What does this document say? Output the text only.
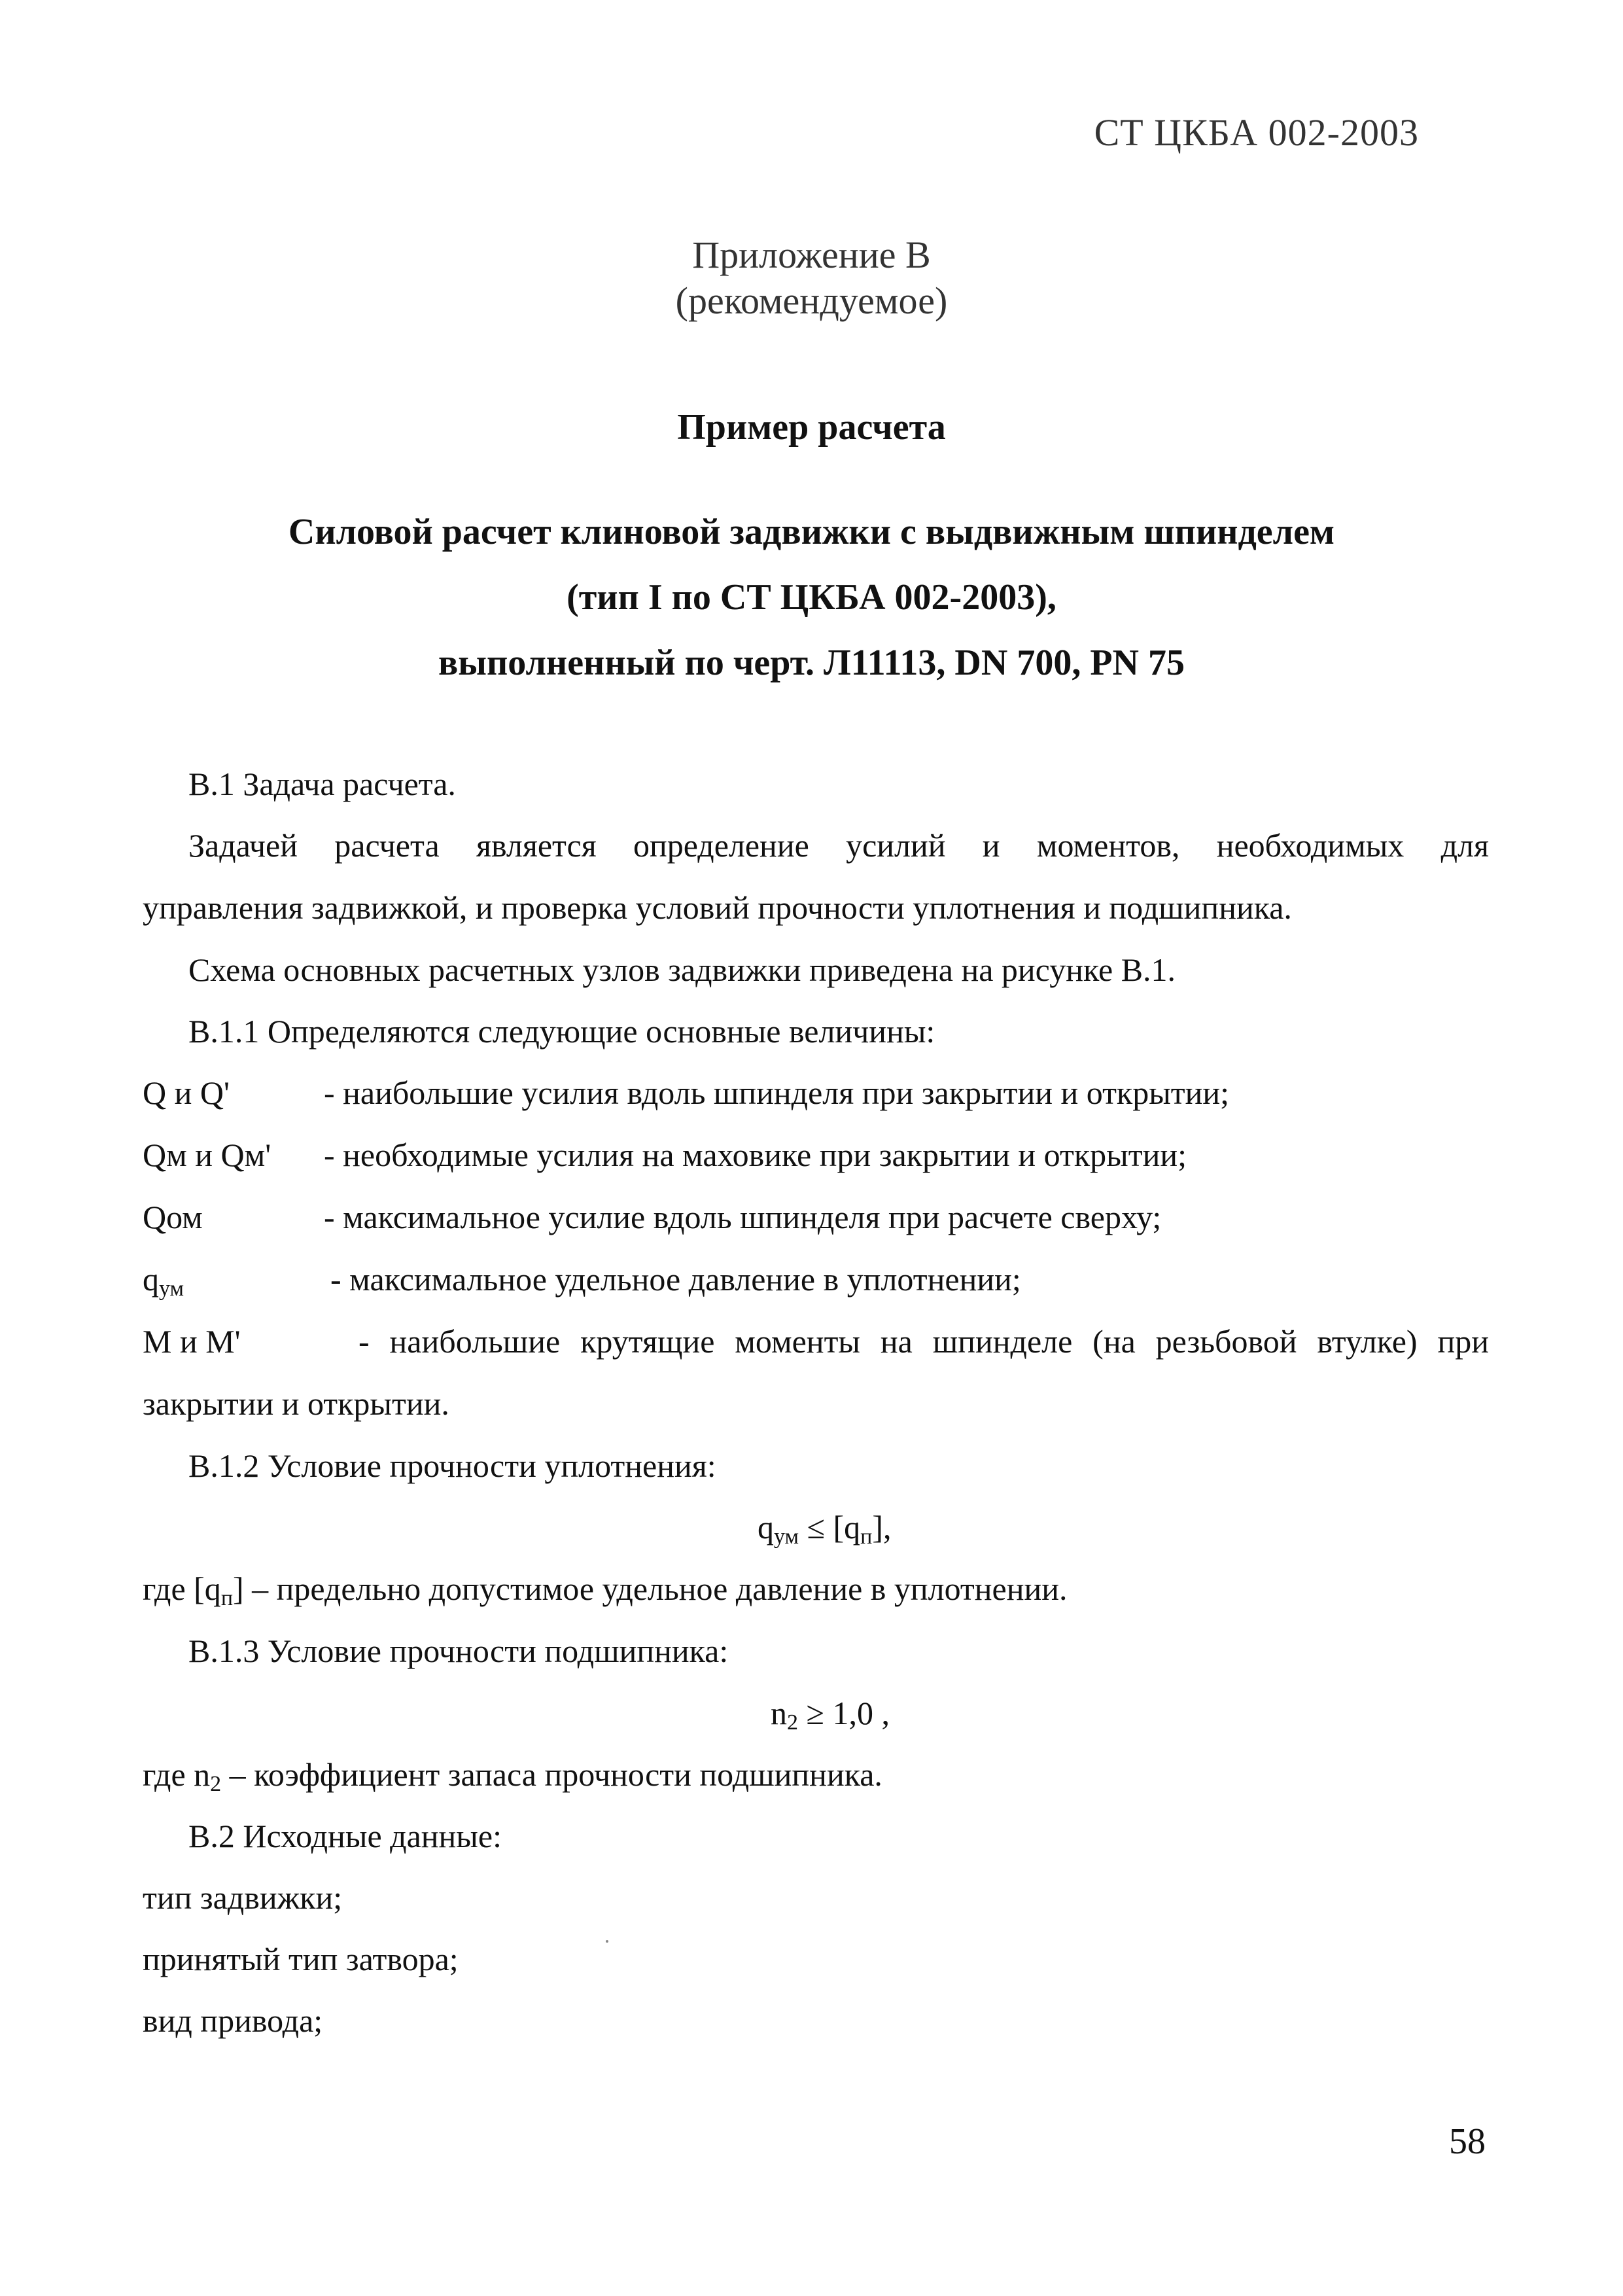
СТ ЦКБА 002-2003
Приложение В
(рекомендуемое)
Пример расчета
Силовой расчет клиновой задвижки с выдвижным шпинделем
(тип I по СТ ЦКБА 002-2003),
выполненный по черт. Л11113, DN 700, PN 75
В.1 Задача расчета.
Задачей расчета является определение усилий и моментов, необходимых для
управления задвижкой, и проверка условий прочности уплотнения и подшипника.
Схема основных расчетных узлов задвижки приведена на рисунке В.1.
В.1.1 Определяются следующие основные величины:
Q и Q'	- наибольшие усилия вдоль шпинделя при закрытии и открытии;
Qм и Qм' - необходимые усилия на маховике при закрытии и открытии;
Qом	- максимальное усилие вдоль шпинделя при расчете сверху;
qум	- максимальное удельное давление в уплотнении;
М и М'	- наибольшие крутящие моменты на шпинделе (на резьбовой втулке) при
закрытии и открытии.
В.1.2 Условие прочности уплотнения:
qум ≤ [qп],
где [qп] – предельно допустимое удельное давление в уплотнении.
В.1.3 Условие прочности подшипника:
n2 ≥ 1,0 ,
где n2 – коэффициент запаса прочности подшипника.
В.2 Исходные данные:
тип задвижки;
принятый тип затвора;
вид привода;
58
